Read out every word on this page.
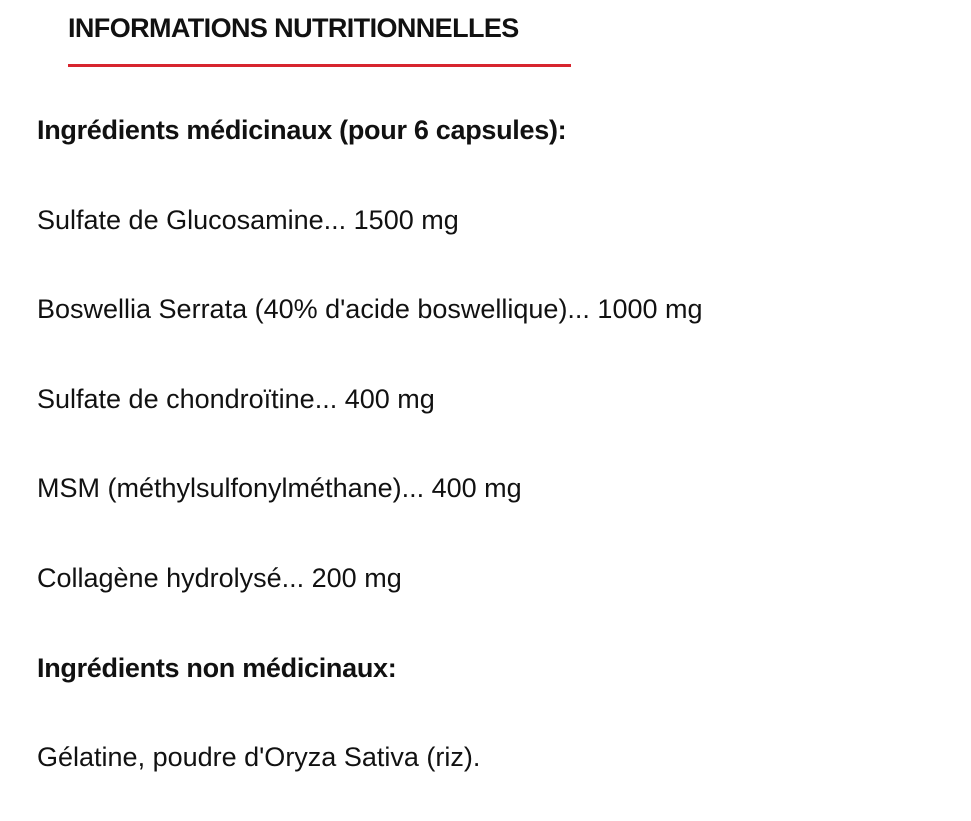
INFORMATIONS NUTRITIONNELLES
Ingrédients médicinaux (pour 6 capsules):
Sulfate de Glucosamine... 1500 mg
Boswellia Serrata (40% d'acide boswellique)... 1000 mg
Sulfate de chondroïtine... 400 mg
MSM (méthylsulfonylméthane)... 400 mg
Collagène hydrolysé... 200 mg
Ingrédients non médicinaux:
Gélatine, poudre d'Oryza Sativa (riz).
